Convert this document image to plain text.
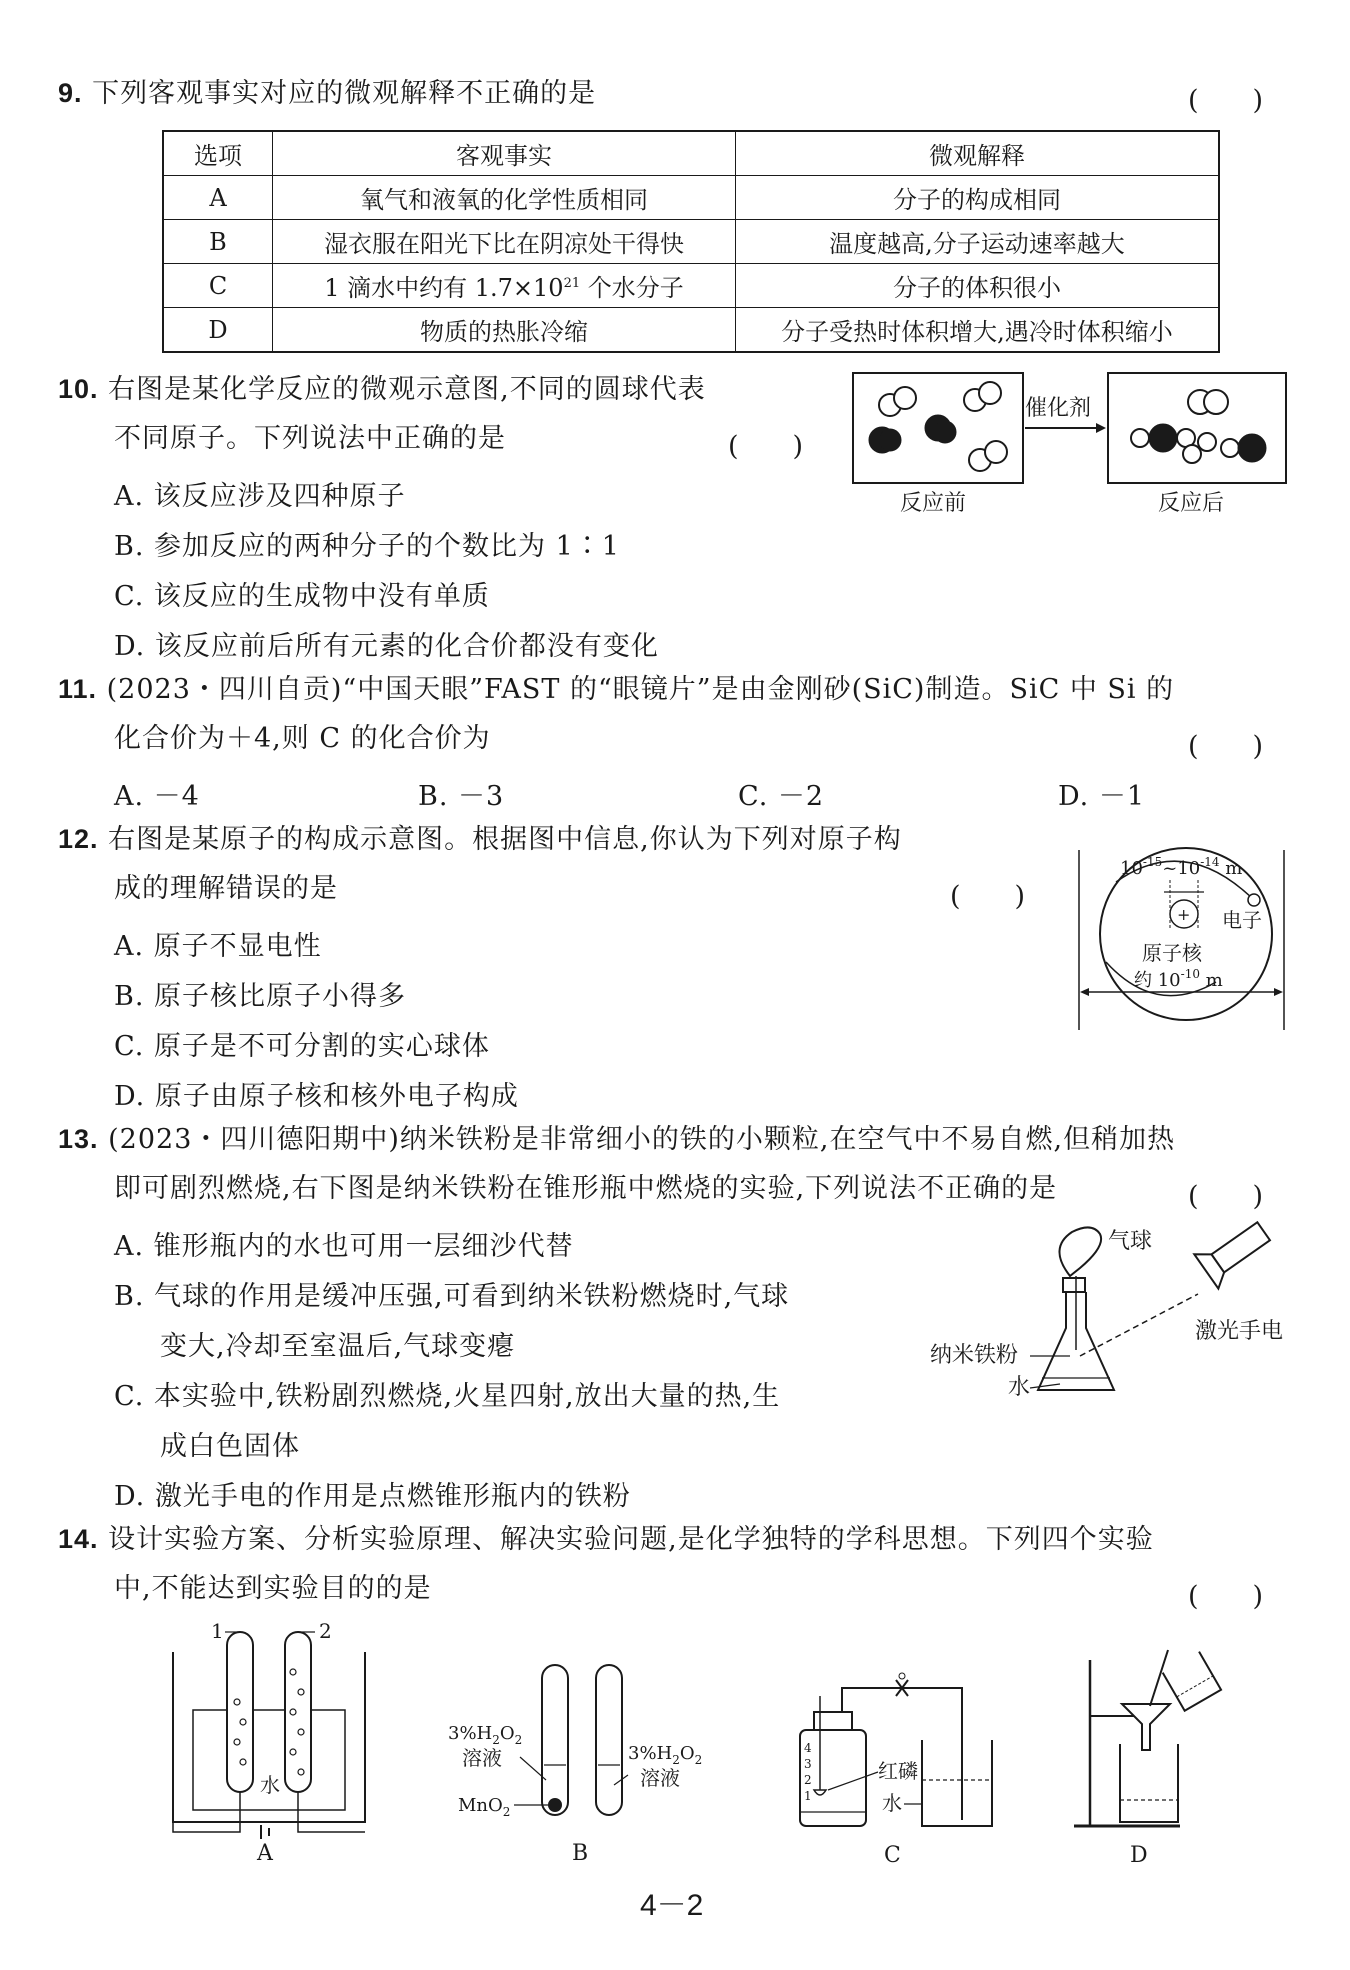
9. 下列客观事实对应的微观解释不正确的是	(　　)
选项	客观事实	微观解释
A	氧气和液氧的化学性质相同	分子的构成相同
B	湿衣服在阳光下比在阴凉处干得快	温度越高,分子运动速率越大
C	1 滴水中约有 $1.7\times 10^{21}$ 个水分子	分子的体积很小
D	物质的热胀冷缩	分子受热时体积增大,遇冷时体积缩小
10. 右图是某化学反应的微观示意图,不同的圆球代表
不同原子。下列说法中正确的是	(　　)
A. 该反应涉及四种原子
B. 参加反应的两种分子的个数比为 1∶1
C. 该反应的生成物中没有单质
D. 该反应前后所有元素的化合价都没有变化
催化剂
反应前	反应后
11. (2023・四川自贡)“中国天眼”FAST 的“眼镜片”是由金刚砂(SiC)制造。SiC 中 Si 的
化合价为＋4,则 C 的化合价为	(　　)
A. －4	B. －3	C. －2	D. －1
12. 右图是某原子的构成示意图。根据图中信息,你认为下列对原子构
成的理解错误的是	(　　)
A. 原子不显电性
B. 原子核比原子小得多
C. 原子是不可分割的实心球体
D. 原子由原子核和核外电子构成
+
$10^{-15}\sim 10^{-14}$ m
电子
原子核
约 $10^{-10}$ m
13. (2023・四川德阳期中)纳米铁粉是非常细小的铁的小颗粒,在空气中不易自燃,但稍加热
即可剧烈燃烧,右下图是纳米铁粉在锥形瓶中燃烧的实验,下列说法不正确的是	(　　)
A. 锥形瓶内的水也可用一层细沙代替
B. 气球的作用是缓冲压强,可看到纳米铁粉燃烧时,气球
变大,冷却至室温后,气球变瘪
C. 本实验中,铁粉剧烈燃烧,火星四射,放出大量的热,生
成白色固体
D. 激光手电的作用是点燃锥形瓶内的铁粉
气球
激光手电
纳米铁粉
水
14. 设计实验方案、分析实验原理、解决实验问题,是化学独特的学科思想。下列四个实验
中,不能达到实验目的的是	(　　)
1	2
水
A
$3\%H_2O_2$
溶液	$3\%H_2O_2$
溶液
MnO$_2$
B
4
3
2
1
红磷
水
C	D
4－2
